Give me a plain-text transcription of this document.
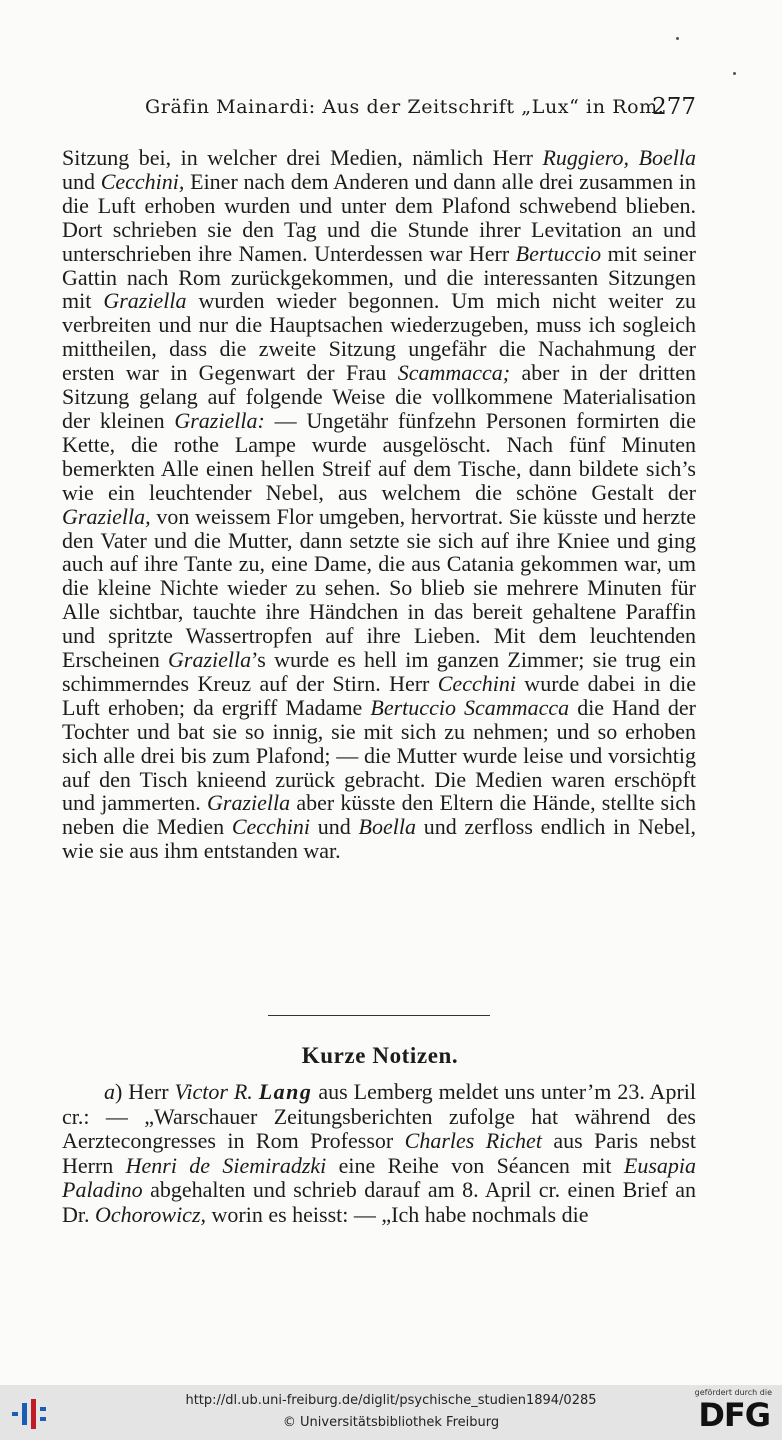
Gräfin Mainardi: Aus der Zeitschrift „Lux“ in Rom.
277

Sitzung bei, in welcher drei Medien, nämlich Herr Ruggiero, Boella und Cecchini, Einer nach dem Anderen und dann alle drei zusammen in die Luft erhoben wurden und unter dem Plafond schwebend blieben. Dort schrieben sie den Tag und die Stunde ihrer Levitation an und unterschrieben ihre Namen. Unterdessen war Herr Bertuccio mit seiner Gattin nach Rom zurückgekommen, und die interessanten Sitzungen mit Graziella wurden wieder begonnen. Um mich nicht weiter zu verbreiten und nur die Hauptsachen wiederzugeben, muss ich sogleich mittheilen, dass die zweite Sitzung ungefähr die Nachahmung der ersten war in Gegenwart der Frau Scammacca; aber in der dritten Sitzung gelang auf folgende Weise die vollkommene Materialisation der kleinen Graziella: — Ungetähr fünfzehn Personen formirten die Kette, die rothe Lampe wurde ausgelöscht. Nach fünf Minuten bemerkten Alle einen hellen Streif auf dem Tische, dann bildete sich’s wie ein leuchtender Nebel, aus welchem die schöne Gestalt der Graziella, von weissem Flor umgeben, hervortrat. Sie küsste und herzte den Vater und die Mutter, dann setzte sie sich auf ihre Kniee und ging auch auf ihre Tante zu, eine Dame, die aus Catania gekommen war, um die kleine Nichte wieder zu sehen. So blieb sie mehrere Minuten für Alle sichtbar, tauchte ihre Händchen in das bereit gehaltene Paraffin und spritzte Wassertropfen auf ihre Lieben. Mit dem leuchtenden Erscheinen Graziella’s wurde es hell im ganzen Zimmer; sie trug ein schimmerndes Kreuz auf der Stirn. Herr Cecchini wurde dabei in die Luft erhoben; da ergriff Madame Bertuccio Scammacca die Hand der Tochter und bat sie so innig, sie mit sich zu nehmen; und so erhoben sich alle drei bis zum Plafond; — die Mutter wurde leise und vorsichtig auf den Tisch knieend zurück gebracht. Die Medien waren erschöpft und jammerten. Graziella aber küsste den Eltern die Hände, stellte sich neben die Medien Cecchini und Boella und zerfloss endlich in Nebel, wie sie aus ihm entstanden war.

Kurze Notizen.

a) Herr Victor R. Lang aus Lemberg meldet uns unter’m 23. April cr.: — „Warschauer Zeitungsberichten zufolge hat während des Aerztecongresses in Rom Professor Charles Richet aus Paris nebst Herrn Henri de Siemiradzki eine Reihe von Séancen mit Eusapia Paladino abgehalten und schrieb darauf am 8. April cr. einen Brief an Dr. Ochorowicz, worin es heisst: — „Ich habe nochmals die

http://dl.ub.uni-freiburg.de/diglit/psychische_studien1894/0285
© Universitätsbibliothek Freiburg
gefördert durch die
DFG
